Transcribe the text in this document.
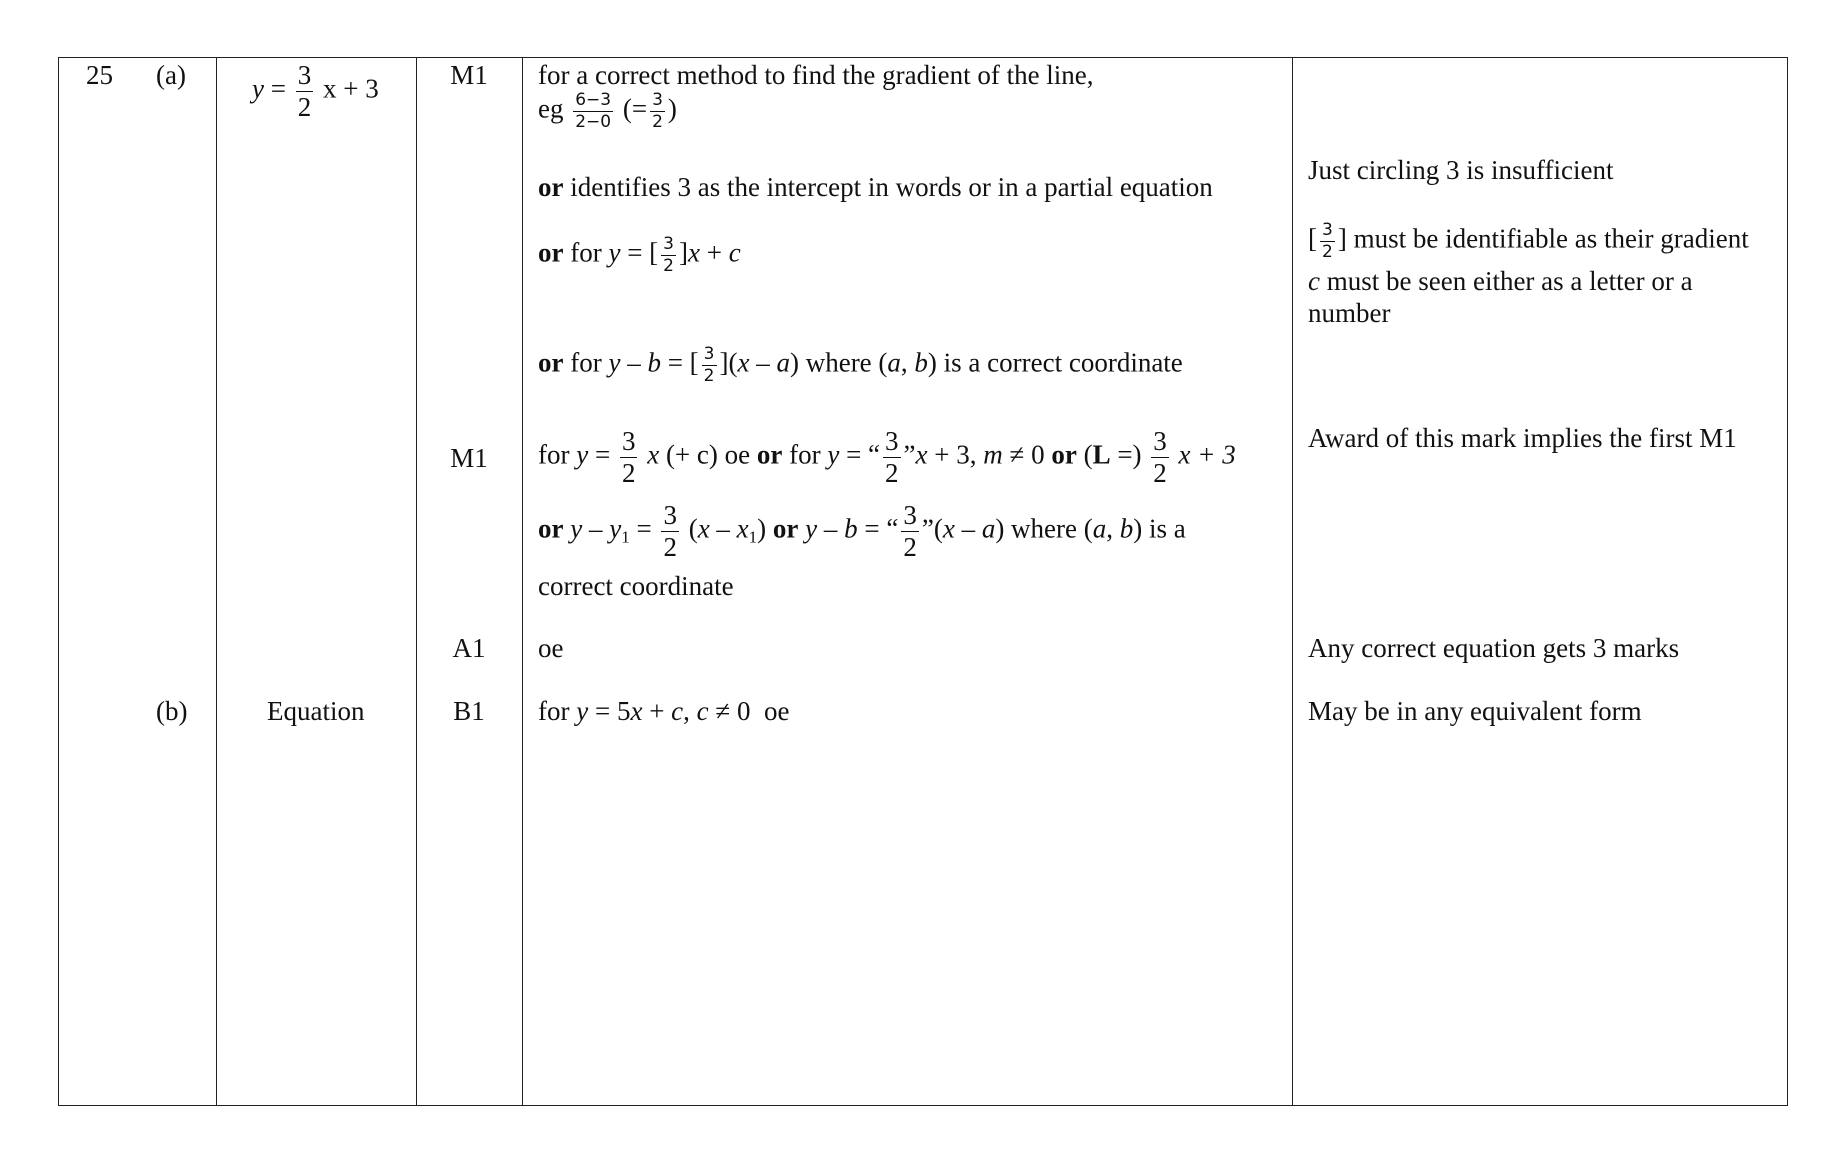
25 (a)
(b)
$y = \frac{3}{2}$ x + 3
Equation
M1
M1
A1
B1
for a correct method to find the gradient of the line,
eg $\frac{6-3}{2-0}$ (= $\frac{3}{2}$ )
or identifies 3 as the intercept in words or in a partial equation
or for y = [ $\frac{3}{2} ]x + c$
or for y – b = [ $\frac{3}{2} ](x - a)$ where (a, b) is a correct coordinate
for $y = \frac{3}{2}$ x (+ c) oe or for y = “ $\frac{3}{2}$ ”x + 3, m ≠ 0 or (L =) $\frac{3}{2}$ x + 3
or $y - y_1 = \frac{3}{2} (x - x_1)$ or y – b = “ $\frac{3}{2}$ ”(x – a) where (a, b) is a
correct coordinate
oe
for y = 5x + c, c ≠ 0 oe
Just circling 3 is insufficient
[ $\frac{3}{2}$ ] must be identifiable as their gradient
c must be seen either as a letter or a
number
Award of this mark implies the first M1
Any correct equation gets 3 marks
May be in any equivalent form
